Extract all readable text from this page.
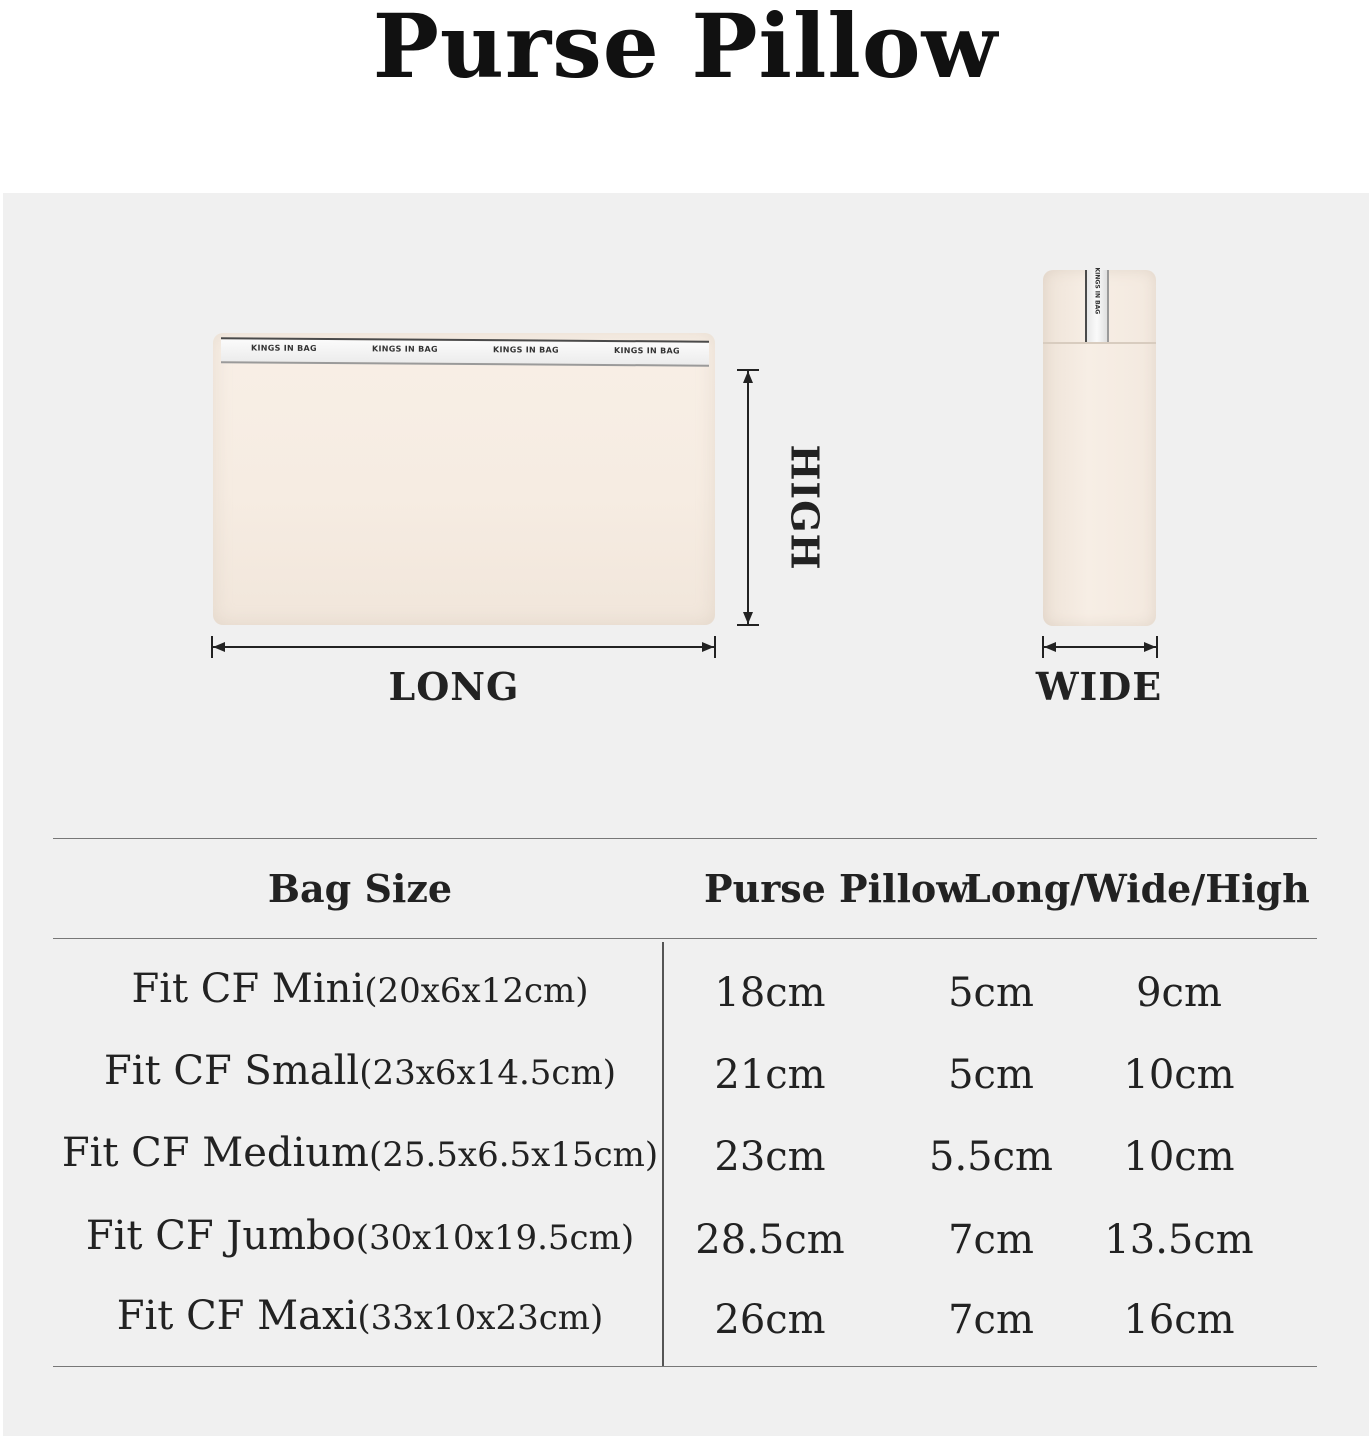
Purse Pillow
KINGS IN BAG	KINGS IN BAG	KINGS IN BAG	KINGS IN BAG
KINGS IN BAG
LONG
HIGH
WIDE
Bag Size	Purse Pillow
Long/Wide/High
Fit CF Mini(20x6x12cm)	18cm	5cm	9cm
Fit CF Small(23x6x14.5cm)	21cm	5cm	10cm
Fit CF Medium(25.5x6.5x15cm)	23cm	5.5cm	10cm
Fit CF Jumbo(30x10x19.5cm)	28.5cm	7cm	13.5cm
Fit CF Maxi(33x10x23cm)	26cm	7cm	16cm
